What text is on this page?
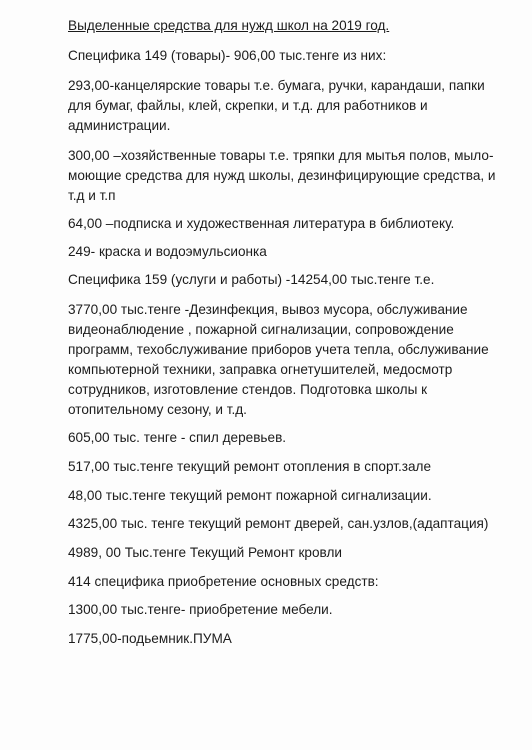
Выделенные средства для нужд школ на 2019 год.
Специфика 149 (товары)- 906,00 тыс.тенге из них:
293,00-канцелярские товары т.е. бумага, ручки, карандаши, папки
для бумаг, файлы, клей, скрепки, и т.д. для работников и
администрации.
300,00 –хозяйственные товары т.е. тряпки для мытья полов, мыло-
моющие средства для нужд школы, дезинфицирующие средства, и
т.д и т.п
64,00 –подписка и художественная литература в библиотеку.
249- краска и водоэмульсионка
Специфика 159 (услуги и работы) -14254,00 тыс.тенге т.е.
3770,00 тыс.тенге -Дезинфекция, вывоз мусора, обслуживание
видеонаблюдение , пожарной сигнализации, сопровождение
программ, техобслуживание приборов учета тепла, обслуживание
компьютерной техники, заправка огнетушителей, медосмотр
сотрудников, изготовление стендов. Подготовка школы к
отопительному сезону, и т.д.
605,00 тыс. тенге - спил деревьев.
517,00 тыс.тенге текущий ремонт отопления в спорт.зале
48,00 тыс.тенге текущий ремонт пожарной сигнализации.
4325,00 тыс. тенге текущий ремонт дверей, сан.узлов,(адаптация)
4989, 00 Тыс.тенге Текущий Ремонт кровли
414 специфика приобретение основных средств:
1300,00 тыс.тенге- приобретение мебели.
1775,00-подьемник.ПУМА
